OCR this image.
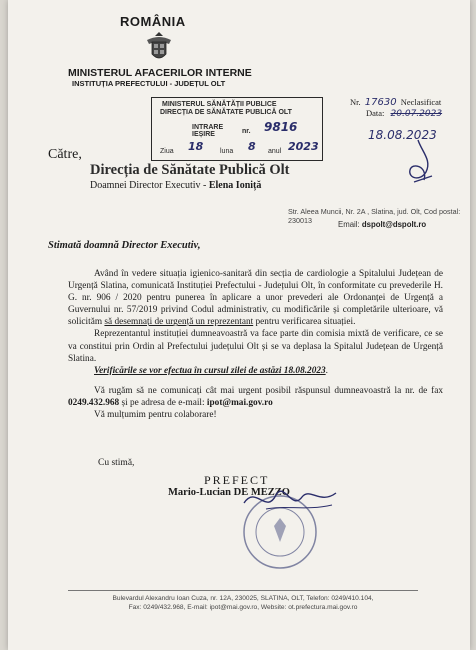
ROMÂNIA
MINISTERUL AFACERILOR INTERNE
INSTITUȚIA PREFECTULUI - JUDEȚUL OLT
MINISTERUL SĂNĂTĂȚII PUBLICE
DIRECȚIA DE SĂNĂTATE PUBLICĂ OLT
INTRARE
IEȘIRE	nr. 9816
Ziua 18 luna 8 anul 2023
Nr. 17630 Neclasificat
Data: 20.07.2023
18.08.2023
Către,
Direcția de Sănătate Publică Olt
Doamnei Director Executiv - Elena Ioniță
Str. Aleea Muncii, Nr. 2A , Slatina, jud. Olt, Cod postal: 230013	Email: dspolt@dspolt.ro
Stimată doamnă Director Executiv,

Având în vedere situația igienico-sanitară din secția de cardiologie a Spitalului Județean de Urgență Slatina, comunicată Instituției Prefectului - Județului Olt, în conformitate cu prevederile H. G. nr. 906 / 2020 pentru punerea în aplicare a unor prevederi ale Ordonanței de Urgență a Guvernului nr. 57/2019 privind Codul administrativ, cu modificările și completările ulterioare, vă solicităm să desemnați de urgență un reprezentant pentru verificarea situației.

Reprezentantul instituției dumneavoastră va face parte din comisia mixtă de verificare, ce se va constitui prin Ordin al Prefectului județului Olt și se va deplasa la Spitalul Județean de Urgență Slatina.

Verificările se vor efectua în cursul zilei de astăzi 18.08.2023.

Vă rugăm să ne comunicați cât mai urgent posibil răspunsul dumneavoastră la nr. de fax 0249.432.968 și pe adresa de e-mail: ipot@mai.gov.ro

Vă mulțumim pentru colaborare!

Cu stimă,
PREFECT
Mario-Lucian DE MEZZO
Bulevardul Alexandru Ioan Cuza, nr. 12A, 230025, SLATINA, OLT, Telefon: 0249/410.104,
Fax: 0249/432.968, E-mail: ipot@mai.gov.ro, Website: ot.prefectura.mai.gov.ro
